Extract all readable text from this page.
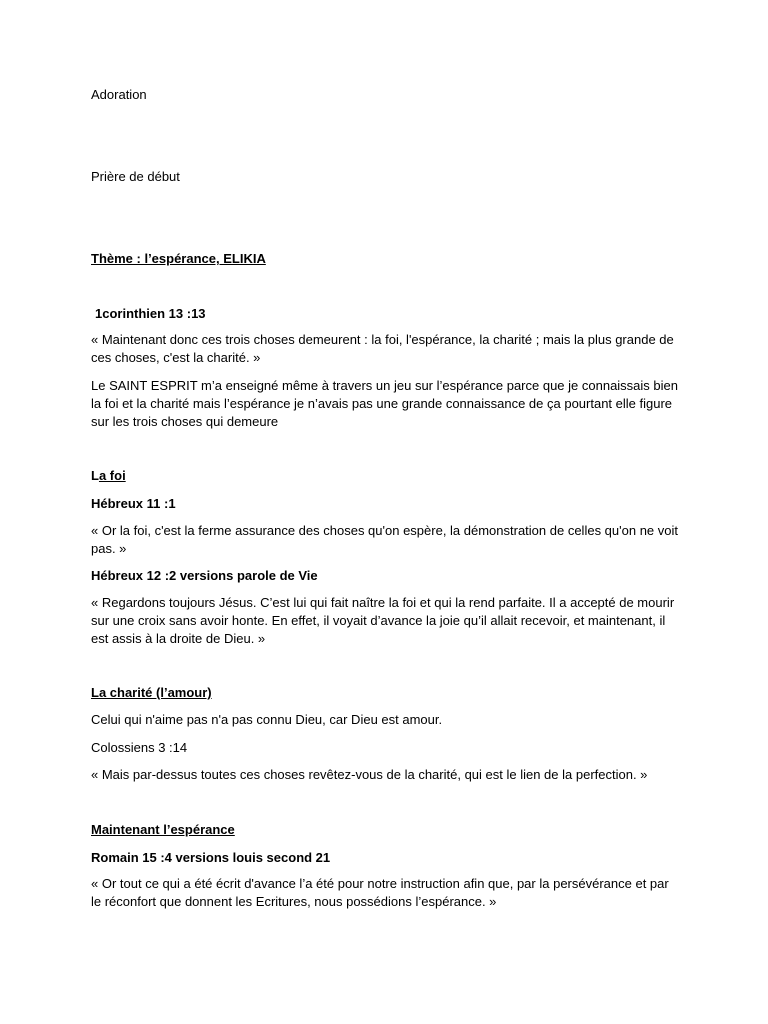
Adoration
Prière de début
Thème : l’espérance, ELIKIA
1corinthien 13 :13
« Maintenant donc ces trois choses demeurent : la foi, l'espérance, la charité ; mais la plus grande de ces choses, c'est la charité. »
Le SAINT ESPRIT m’a enseigné même à travers un jeu sur l’espérance parce que je connaissais bien la foi et la charité mais l’espérance je n’avais pas une grande connaissance de ça pourtant elle figure sur les trois choses qui demeure
La foi
Hébreux 11 :1
« Or la foi, c'est la ferme assurance des choses qu'on espère, la démonstration de celles qu'on ne voit pas. »
Hébreux 12 :2 versions parole de Vie
« Regardons toujours Jésus. C’est lui qui fait naître la foi et qui la rend parfaite. Il a accepté de mourir sur une croix sans avoir honte. En effet, il voyait d’avance la joie qu’il allait recevoir, et maintenant, il est assis à la droite de Dieu. »
La charité (l’amour)
Celui qui n'aime pas n'a pas connu Dieu, car Dieu est amour.
Colossiens 3 :14
« Mais par-dessus toutes ces choses revêtez-vous de la charité, qui est le lien de la perfection. »
Maintenant l’espérance
Romain 15 :4 versions louis second 21
« Or tout ce qui a été écrit d'avance l’a été pour notre instruction afin que, par la persévérance et par le réconfort que donnent les Ecritures, nous possédions l’espérance. »
